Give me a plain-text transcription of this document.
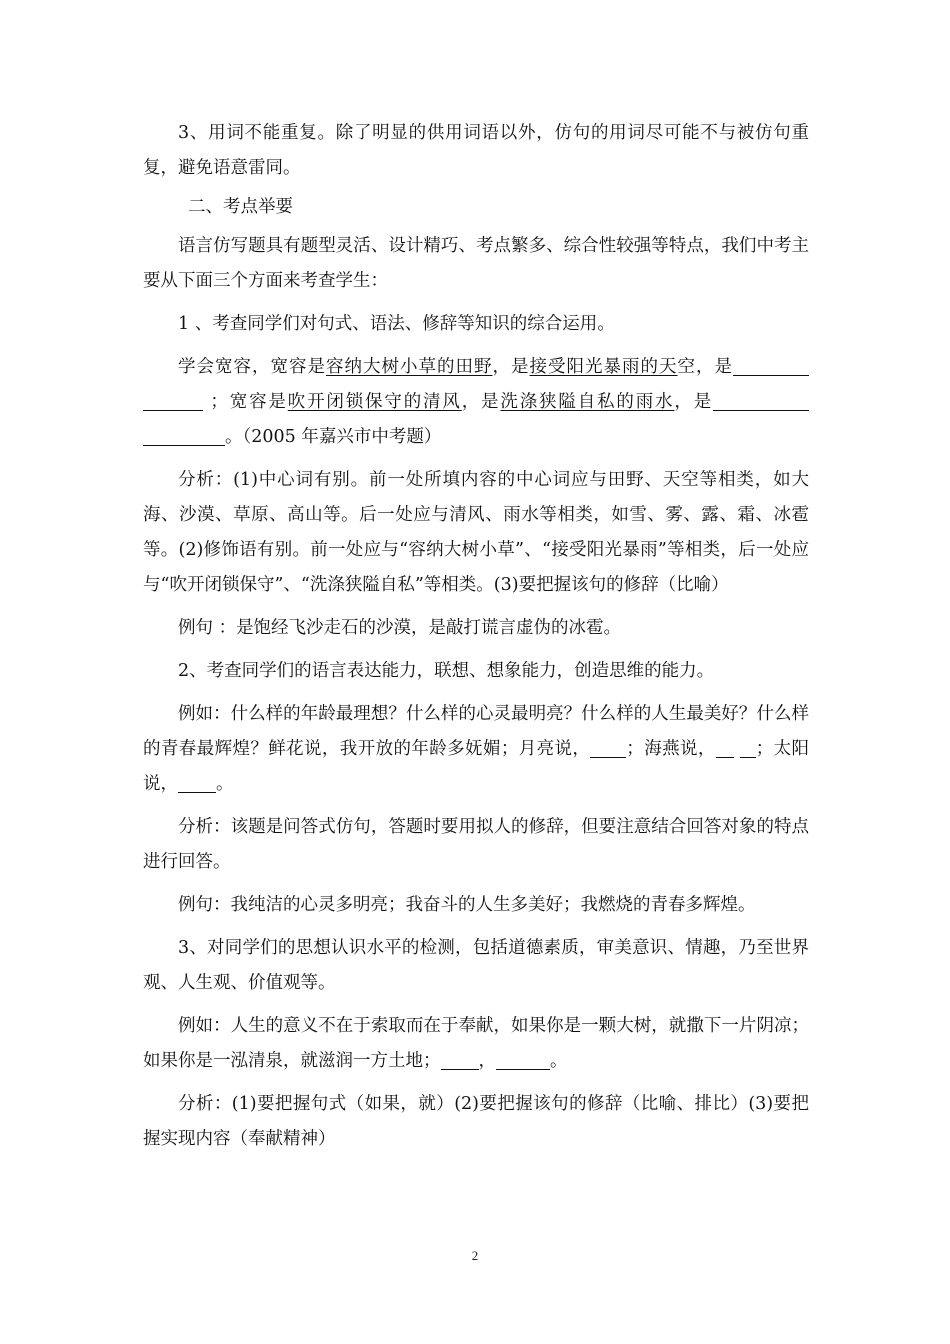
3、用词不能重复。除了明显的供用词语以外，仿句的用词尽可能不与被仿句重复，避免语意雷同。

二、考点举要

语言仿写题具有题型灵活、设计精巧、考点繁多、综合性较强等特点，我们中考主要从下面三个方面来考查学生：

1 、考查同学们对句式、语法、修辞等知识的综合运用。

学会宽容，宽容是容纳大树小草的田野，是接受阳光暴雨的天空，是  ；宽容是吹开闭锁保守的清风，是洗涤狭隘自私的雨水，是 。（2005 年嘉兴市中考题）

分析：(1)中心词有别。前一处所填内容的中心词应与田野、天空等相类，如大海、沙漠、草原、高山等。后一处应与清风、雨水等相类，如雪、雾、露、霜、冰雹等。(2)修饰语有别。前一处应与“容纳大树小草”、“接受阳光暴雨”等相类，后一处应与“吹开闭锁保守”、“洗涤狭隘自私”等相类。(3)要把握该句的修辞（比喻）

例句 ：是饱经飞沙走石的沙漠，是敲打谎言虚伪的冰雹。

2、考查同学们的语言表达能力，联想、想象能力，创造思维的能力。

例如：什么样的年龄最理想？什么样的心灵最明亮？什么样的人生最美好？什么样的青春最辉煌？鲜花说，我开放的年龄多妩媚；月亮说， ；海燕说， ；太阳说， 。

分析：该题是问答式仿句，答题时要用拟人的修辞，但要注意结合回答对象的特点进行回答。

例句：我纯洁的心灵多明亮；我奋斗的人生多美好；我燃烧的青春多辉煌。

3、对同学们的思想认识水平的检测，包括道德素质，审美意识、情趣，乃至世界观、人生观、价值观等。

例如：人生的意义不在于索取而在于奉献，如果你是一颗大树，就撒下一片阴凉；如果你是一泓清泉，就滋润一方土地； ，	。

分析：(1)要把握句式（如果，就）(2)要把握该句的修辞（比喻、排比）(3)要把握实现内容（奉献精神）

2
